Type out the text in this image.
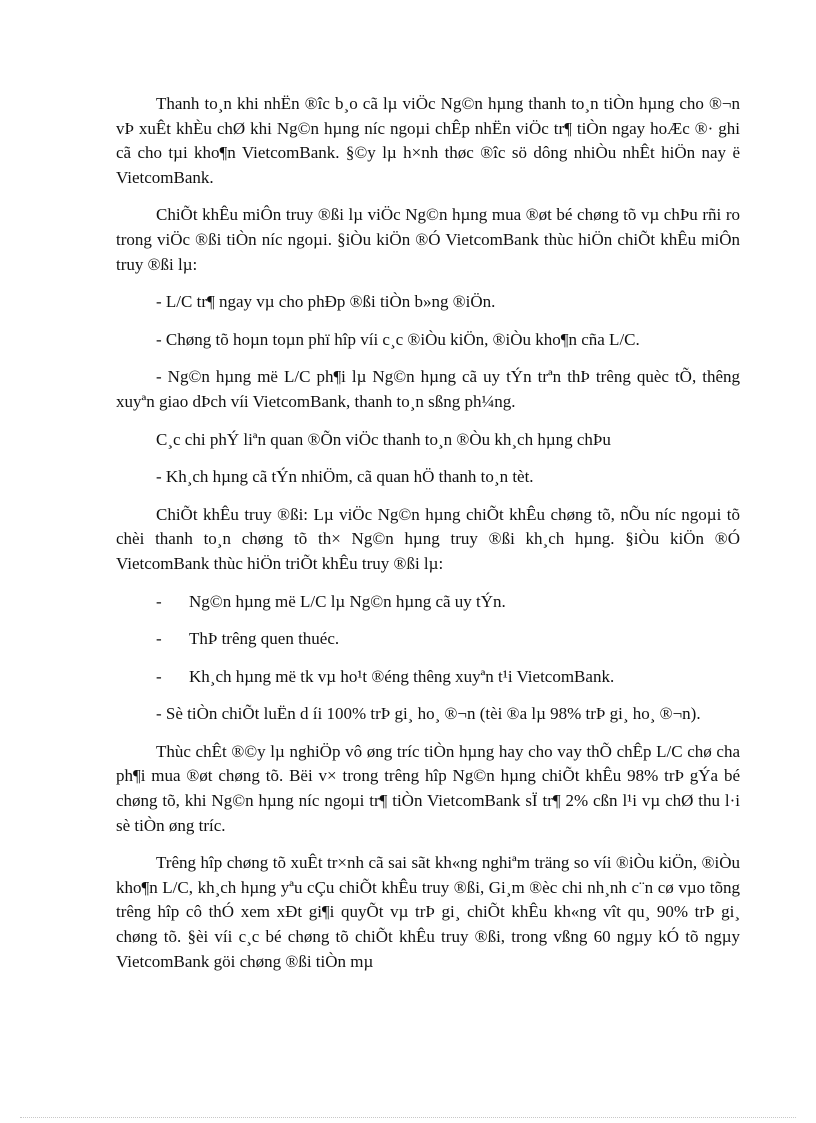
Thanh to¸n khi nhËn ®îc b¸o cã lµ viÖc Ng©n hµng thanh to¸n tiÒn hµng cho ®¬n vÞ xuÊt khÈu chØ khi Ng©n hµng níc ngoµi chÊp nhËn viÖc tr¶ tiÒn ngay hoÆc ®· ghi cã cho tµi kho¶n VietcomBank. §©y lµ h×nh thøc ®îc sö dông nhiÒu nhÊt hiÖn nay ë VietcomBank.

ChiÕt khÊu miÔn truy ®ßi lµ viÖc Ng©n hµng mua ®øt bé chøng tõ vµ chÞu rñi ro trong viÖc ®ßi tiÒn níc ngoµi. §iÒu kiÖn ®Ó VietcomBank thùc hiÖn chiÕt khÊu miÔn truy ®ßi lµ:

- L/C tr¶ ngay vµ cho phÐp ®ßi tiÒn b»ng ®iÖn.

- Chøng tõ hoµn toµn phï hîp víi c¸c ®iÒu kiÖn, ®iÒu kho¶n cña L/C.

- Ng©n hµng më L/C ph¶i lµ Ng©n hµng cã uy tÝn trªn thÞ trêng quèc tÕ, thêng xuyªn giao dÞch víi VietcomBank, thanh to¸n sßng ph¼ng.

C¸c chi phÝ liªn quan ®Õn viÖc thanh to¸n ®Òu kh¸ch hµng chÞu

- Kh¸ch hµng cã tÝn nhiÖm, cã quan hÖ thanh to¸n tèt.

ChiÕt khÊu truy ®ßi: Lµ viÖc Ng©n hµng chiÕt khÊu chøng tõ, nÕu níc ngoµi tõ chèi thanh to¸n chøng tõ th× Ng©n hµng truy ®ßi kh¸ch hµng. §iÒu kiÖn ®Ó VietcomBank thùc hiÖn triÕt khÊu truy ®ßi lµ:

- Ng©n hµng më L/C lµ Ng©n hµng cã uy tÝn.

- ThÞ trêng quen thuéc.

- Kh¸ch hµng më tk vµ ho¹t ®éng thêng xuyªn t¹i VietcomBank.

- Sè tiÒn chiÕt luËn d íi 100% trÞ gi¸ ho¸ ®¬n (tèi ®a lµ 98% trÞ gi¸ ho¸ ®¬n).

Thùc chÊt ®©y lµ nghiÖp vô øng tríc tiÒn hµng hay cho vay thÕ chÊp L/C chø cha ph¶i mua ®øt chøng tõ. Bëi v× trong trêng hîp Ng©n hµng chiÕt khÊu 98% trÞ gÝa bé chøng tõ, khi Ng©n hµng níc ngoµi tr¶ tiÒn VietcomBank sÏ tr¶ 2% cßn l¹i vµ chØ thu l·i sè tiÒn øng tríc.

Trêng hîp chøng tõ xuÊt tr×nh cã sai sãt kh«ng nghiªm träng so víi ®iÒu kiÖn, ®iÒu kho¶n L/C, kh¸ch hµng yªu cÇu chiÕt khÊu truy ®ßi, Gi¸m ®èc chi nh¸nh c¨n cø vµo tõng trêng hîp cô thÓ xem xÐt gi¶i quyÕt vµ trÞ gi¸ chiÕt khÊu kh«ng vît qu¸ 90% trÞ gi¸ chøng tõ. §èi víi c¸c bé chøng tõ chiÕt khÊu truy ®ßi, trong vßng 60 ngµy kÓ tõ ngµy VietcomBank göi chøng ®ßi tiÒn mµ
